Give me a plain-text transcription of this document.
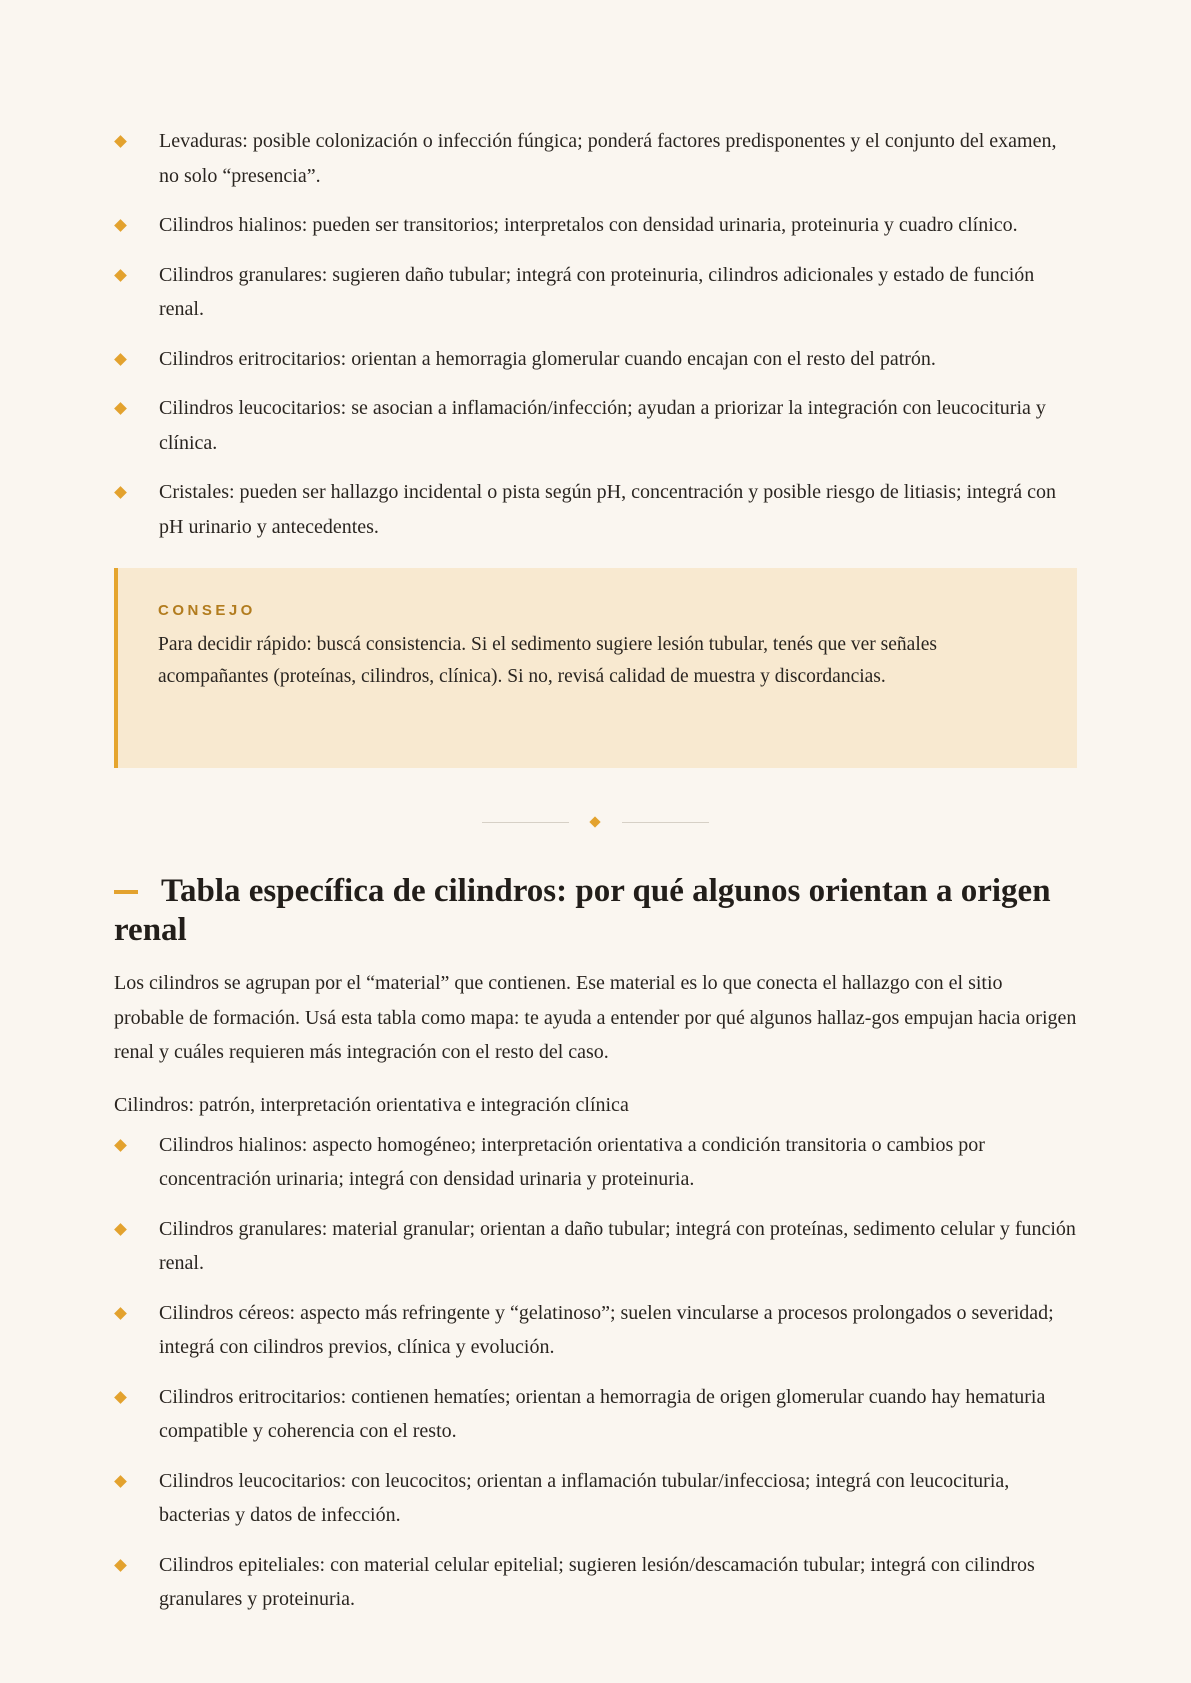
Levaduras: posible colonización o infección fúngica; ponderá factores predisponentes y el conjunto del examen, no solo “presencia”.
Cilindros hialinos: pueden ser transitorios; interpretalos con densidad urinaria, proteinuria y cuadro clínico.
Cilindros granulares: sugieren daño tubular; integrá con proteinuria, cilindros adicionales y estado de función renal.
Cilindros eritrocitarios: orientan a hemorragia glomerular cuando encajan con el resto del patrón.
Cilindros leucocitarios: se asocian a inflamación/infección; ayudan a priorizar la integración con leucocituria y clínica.
Cristales: pueden ser hallazgo incidental o pista según pH, concentración y posible riesgo de litiasis; integrá con pH urinario y antecedentes.
CONSEJO
Para decidir rápido: buscá consistencia. Si el sedimento sugiere lesión tubular, tenés que ver señales acompañantes (proteínas, cilindros, clínica). Si no, revisá calidad de muestra y discordancias.
Tabla específica de cilindros: por qué algunos orientan a origen renal

Los cilindros se agrupan por el “material” que contienen. Ese material es lo que conecta el hallazgo con el sitio probable de formación. Usá esta tabla como mapa: te ayuda a entender por qué algunos hallaz-gos empujan hacia origen renal y cuáles requieren más integración con el resto del caso.

Cilindros: patrón, interpretación orientativa e integración clínica

Cilindros hialinos: aspecto homogéneo; interpretación orientativa a condición transitoria o cambios por concentración urinaria; integrá con densidad urinaria y proteinuria.
Cilindros granulares: material granular; orientan a daño tubular; integrá con proteínas, sedimento celular y función renal.
Cilindros céreos: aspecto más refringente y “gelatinoso”; suelen vincularse a procesos prolongados o severidad; integrá con cilindros previos, clínica y evolución.
Cilindros eritrocitarios: contienen hematíes; orientan a hemorragia de origen glomerular cuando hay hematuria compatible y coherencia con el resto.
Cilindros leucocitarios: con leucocitos; orientan a inflamación tubular/infecciosa; integrá con leucocituria, bacterias y datos de infección.
Cilindros epiteliales: con material celular epitelial; sugieren lesión/descamación tubular; integrá con cilindros granulares y proteinuria.
